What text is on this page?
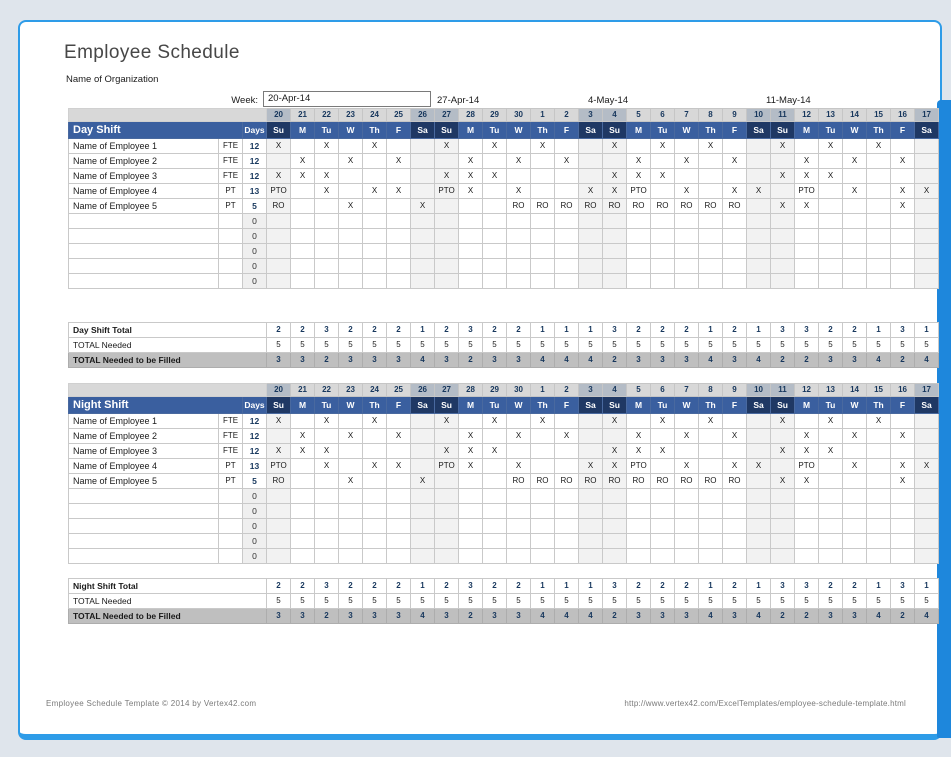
Employee Schedule
Name of Organization
Week:	20-Apr-14	27-Apr-14	4-May-14	11-May-14
			20	21	22	23	24	25	26	27	28	29	30	1	2	3	4	5	6	7	8	9	10	11	12	13	14	15	16	17
Day Shift		Days	Su	M	Tu	W	Th	F	Sa	Su	M	Tu	W	Th	F	Sa	Su	M	Tu	W	Th	F	Sa	Su	M	Tu	W	Th	F	Sa
Name of Employee 1	FTE	12	X		X		X			X		X		X			X		X		X			X		X		X		
Name of Employee 2	FTE	12		X		X		X			X		X		X			X		X		X			X		X		X	
Name of Employee 3	FTE	12	X	X	X					X	X	X					X	X	X					X	X	X				
Name of Employee 4	PT	13	PTO		X		X	X		PTO	X		X			X	X	PTO		X		X	X		PTO		X		X	X
Name of Employee 5	PT	5	RO			X			X				RO	RO	RO	RO	RO	RO	RO	RO	RO	RO		X	X				X	
		0																												
		0																												
		0																												
		0																												
		0																												
Day Shift Total	2	2	3	2	2	2	1	2	3	2	2	1	1	1	3	2	2	2	1	2	1	3	3	2	2	1	3	1
TOTAL Needed	5	5	5	5	5	5	5	5	5	5	5	5	5	5	5	5	5	5	5	5	5	5	5	5	5	5	5	5
TOTAL Needed to be Filled	3	3	2	3	3	3	4	3	2	3	3	4	4	4	2	3	3	3	4	3	4	2	2	3	3	4	2	4
			20	21	22	23	24	25	26	27	28	29	30	1	2	3	4	5	6	7	8	9	10	11	12	13	14	15	16	17
Night Shift		Days	Su	M	Tu	W	Th	F	Sa	Su	M	Tu	W	Th	F	Sa	Su	M	Tu	W	Th	F	Sa	Su	M	Tu	W	Th	F	Sa
Name of Employee 1	FTE	12	X		X		X			X		X		X			X		X		X			X		X		X		
Name of Employee 2	FTE	12		X		X		X			X		X		X			X		X		X			X		X		X	
Name of Employee 3	FTE	12	X	X	X					X	X	X					X	X	X					X	X	X				
Name of Employee 4	PT	13	PTO		X		X	X		PTO	X		X			X	X	PTO		X		X	X		PTO		X		X	X
Name of Employee 5	PT	5	RO			X			X				RO	RO	RO	RO	RO	RO	RO	RO	RO	RO		X	X				X	
		0																												
		0																												
		0																												
		0																												
		0																												
Night Shift Total	2	2	3	2	2	2	1	2	3	2	2	1	1	1	3	2	2	2	1	2	1	3	3	2	2	1	3	1
TOTAL Needed	5	5	5	5	5	5	5	5	5	5	5	5	5	5	5	5	5	5	5	5	5	5	5	5	5	5	5	5
TOTAL Needed to be Filled	3	3	2	3	3	3	4	3	2	3	3	4	4	4	2	3	3	3	4	3	4	2	2	3	3	4	2	4
Employee Schedule Template © 2014 by Vertex42.com	http://www.vertex42.com/ExcelTemplates/employee-schedule-template.html
